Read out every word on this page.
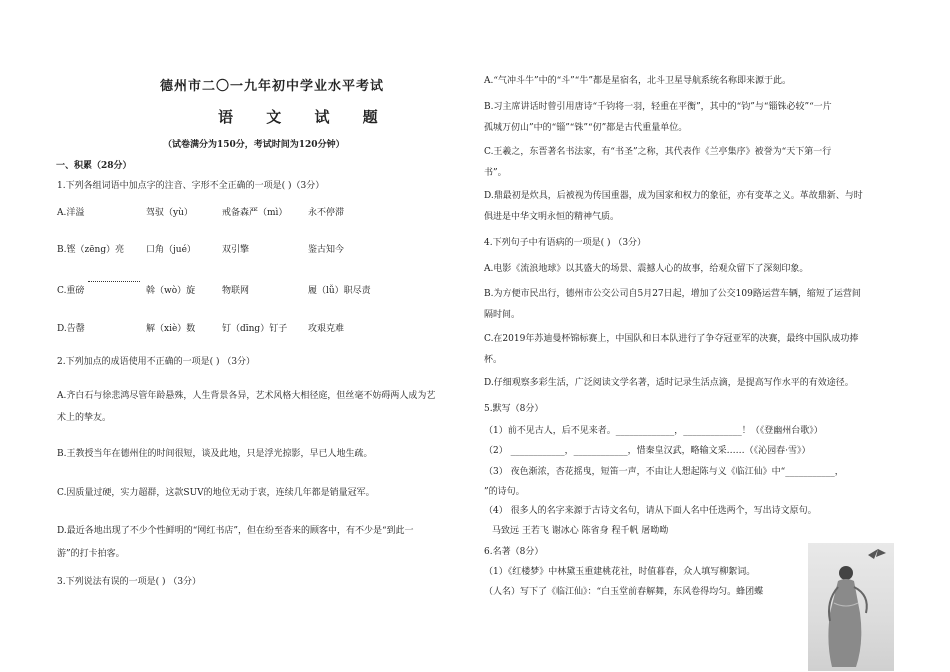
德州市二〇一九年初中学业水平考试
语 文 试 题
（试卷满分为150分，考试时间为120分钟）
一、积累（28分）
1.下列各组词语中加点字的注音、字形不全正确的一项是( )（3分）
A.洋溢	驾驭（yù）	戒备森严（mì） 永不停滞
B.铿（zēng）亮 口角（jué）	双引擎	鉴古知今
C.重磅	斡（wò）旋	物联网	履（lǚ）职尽责
D.告罄	解（xiè）数	钉（dīng）钉子 攻艰克难
2.下列加点的成语使用不正确的一项是( ) （3分）
A.齐白石与徐悲鸿尽管年龄悬殊，人生背景各异，艺术风格大相径庭，但丝毫不妨碍两人成为艺
术上的挚友。
B.王教授当年在德州住的时间很短，谈及此地，只是浮光掠影，早已人地生疏。
C.因质量过硬，实力超群，这款SUV的地位无动于衷，连续几年都是销量冠军。
D.最近各地出现了不少个性鲜明的“网红书店”，但在纷至沓来的顾客中，有不少是“到此一
游”的打卡拍客。
3.下列说法有误的一项是( ) （3分）
A.“气冲斗牛”中的“斗”“牛”都是星宿名，北斗卫星导航系统名称即来源于此。
B.习主席讲话时曾引用唐诗“千钧将一羽，轻重在平衡”，其中的“钧”与“锱铢必较”“一片
孤城万仞山”中的“锱”“铢”“仞”都是古代重量单位。
C.王羲之，东晋著名书法家，有“书圣”之称，其代表作《兰亭集序》被誉为“天下第一行
书”。
D.鼎最初是炊具，后被视为传国重器，成为国家和权力的象征，亦有变革之义。革故鼎新、与时
俱进是中华文明永恒的精神气质。
4.下列句子中有语病的一项是( ) （3分）
A.电影《流浪地球》以其盛大的场景、震撼人心的故事，给观众留下了深刻印象。
B.为方便市民出行，德州市公交公司自5月27日起，增加了公交109路运营车辆，缩短了运营间
隔时间。
C.在2019年苏迪曼杯锦标赛上，中国队和日本队进行了争夺冠亚军的决赛，最终中国队成功捧
杯。
D.仔细观察多彩生活，广泛阅读文学名著，适时记录生活点滴，是提高写作水平的有效途径。
5.默写（8分）
（1）前不见古人，后不见来者。_____________，_____________！（《登幽州台歌》）
（2） ____________，____________，惜秦皇汉武，略输文采……（《沁园春·雪》）
（3） 夜色渐浓，杏花摇曳，短笛一声，不由让人想起陈与义《临江仙》中“___________，
”的诗句。
（4） 很多人的名字来源于古诗文名句，请从下面人名中任选两个，写出诗文原句。
马致远 王若飞 谢冰心 陈省身 程千帆 屠呦呦
6.名著（8分）
（1）《红楼梦》中林黛玉重建桃花社，时值暮春，众人填写柳絮词。
（人名）写下了《临江仙》：“白玉堂前春解舞，东风卷得均匀。蜂团蝶
